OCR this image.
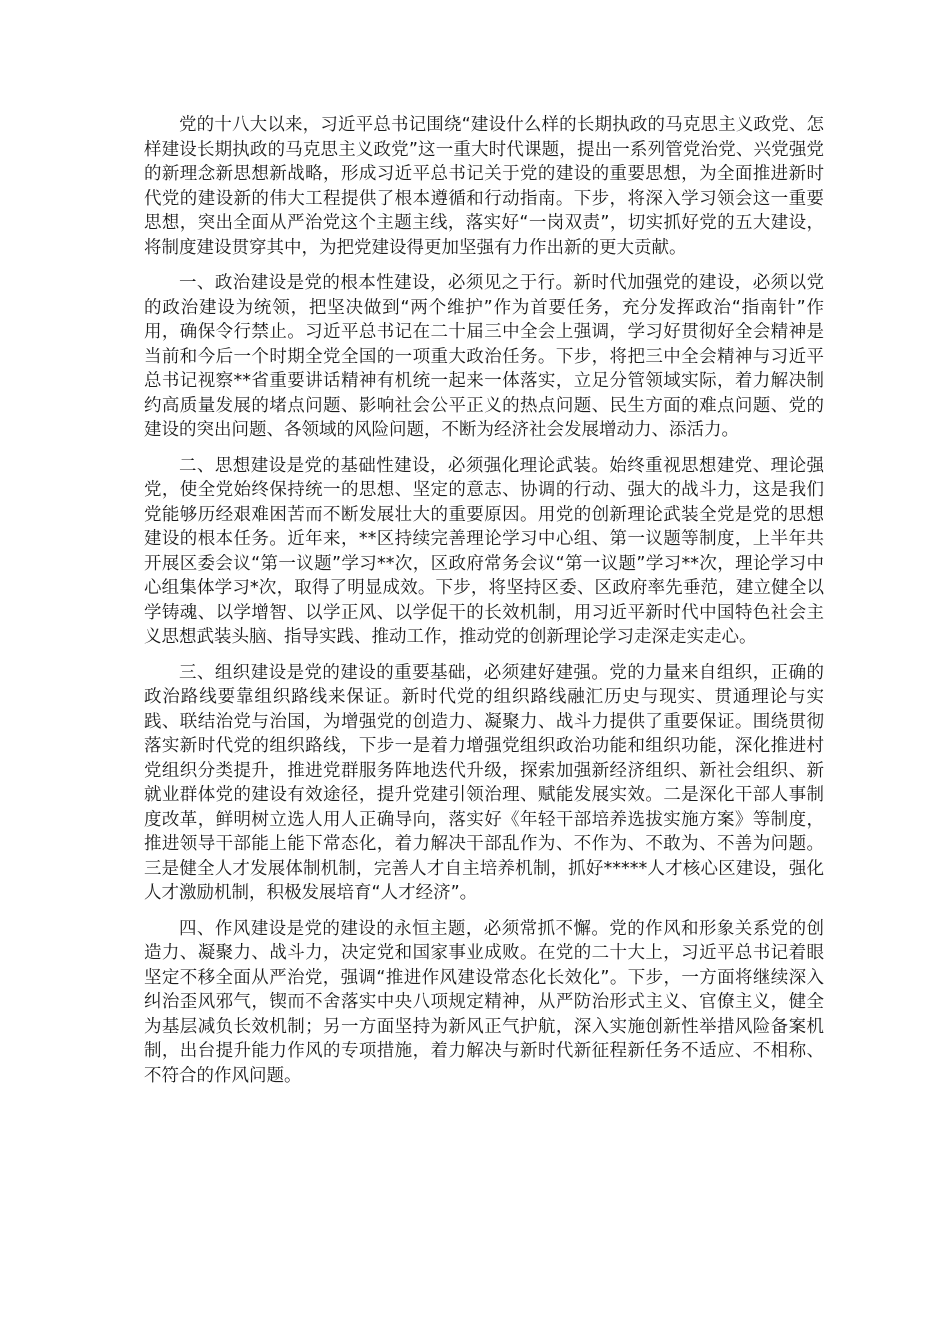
党的十八大以来，习近平总书记围绕“建设什么样的长期执政的马克思主义政党、怎样建设长期执政的马克思主义政党”这一重大时代课题，提出一系列管党治党、兴党强党的新理念新思想新战略，形成习近平总书记关于党的建设的重要思想，为全面推进新时代党的建设新的伟大工程提供了根本遵循和行动指南。下步，将深入学习领会这一重要思想，突出全面从严治党这个主题主线，落实好“一岗双责”，切实抓好党的五大建设，将制度建设贯穿其中，为把党建设得更加坚强有力作出新的更大贡献。

一、政治建设是党的根本性建设，必须见之于行。新时代加强党的建设，必须以党的政治建设为统领，把坚决做到“两个维护”作为首要任务，充分发挥政治“指南针”作用，确保令行禁止。习近平总书记在二十届三中全会上强调，学习好贯彻好全会精神是当前和今后一个时期全党全国的一项重大政治任务。下步，将把三中全会精神与习近平总书记视察**省重要讲话精神有机统一起来一体落实，立足分管领域实际，着力解决制约高质量发展的堵点问题、影响社会公平正义的热点问题、民生方面的难点问题、党的建设的突出问题、各领域的风险问题，不断为经济社会发展增动力、添活力。

二、思想建设是党的基础性建设，必须强化理论武装。始终重视思想建党、理论强党，使全党始终保持统一的思想、坚定的意志、协调的行动、强大的战斗力，这是我们党能够历经艰难困苦而不断发展壮大的重要原因。用党的创新理论武装全党是党的思想建设的根本任务。近年来，**区持续完善理论学习中心组、第一议题等制度，上半年共开展区委会议“第一议题”学习**次，区政府常务会议“第一议题”学习**次，理论学习中心组集体学习*次，取得了明显成效。下步，将坚持区委、区政府率先垂范，建立健全以学铸魂、以学增智、以学正风、以学促干的长效机制，用习近平新时代中国特色社会主义思想武装头脑、指导实践、推动工作，推动党的创新理论学习走深走实走心。

三、组织建设是党的建设的重要基础，必须建好建强。党的力量来自组织，正确的政治路线要靠组织路线来保证。新时代党的组织路线融汇历史与现实、贯通理论与实践、联结治党与治国，为增强党的创造力、凝聚力、战斗力提供了重要保证。围绕贯彻落实新时代党的组织路线，下步一是着力增强党组织政治功能和组织功能，深化推进村党组织分类提升，推进党群服务阵地迭代升级，探索加强新经济组织、新社会组织、新就业群体党的建设有效途径，提升党建引领治理、赋能发展实效。二是深化干部人事制度改革，鲜明树立选人用人正确导向，落实好《年轻干部培养选拔实施方案》等制度，推进领导干部能上能下常态化，着力解决干部乱作为、不作为、不敢为、不善为问题。三是健全人才发展体制机制，完善人才自主培养机制，抓好*****人才核心区建设，强化人才激励机制，积极发展培育“人才经济”。

四、作风建设是党的建设的永恒主题，必须常抓不懈。党的作风和形象关系党的创造力、凝聚力、战斗力，决定党和国家事业成败。在党的二十大上，习近平总书记着眼坚定不移全面从严治党，强调“推进作风建设常态化长效化”。下步，一方面将继续深入纠治歪风邪气，锲而不舍落实中央八项规定精神，从严防治形式主义、官僚主义，健全为基层减负长效机制；另一方面坚持为新风正气护航，深入实施创新性举措风险备案机制，出台提升能力作风的专项措施，着力解决与新时代新征程新任务不适应、不相称、不符合的作风问题。
